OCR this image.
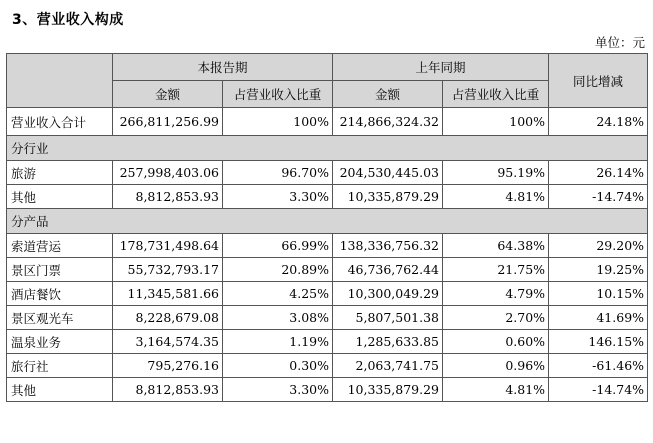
3、营业收入构成
单位：元
	本报告期		上年同期		同比增减
	金额	占营业收入比重	金额	占营业收入比重	
营业收入合计	266,811,256.99	100%	214,866,324.32	100%	24.18%
分行业					
旅游	257,998,403.06	96.70%	204,530,445.03	95.19%	26.14%
其他	8,812,853.93	3.30%	10,335,879.29	4.81%	-14.74%
分产品					
索道营运	178,731,498.64	66.99%	138,336,756.32	64.38%	29.20%
景区门票	55,732,793.17	20.89%	46,736,762.44	21.75%	19.25%
酒店餐饮	11,345,581.66	4.25%	10,300,049.29	4.79%	10.15%
景区观光车	8,228,679.08	3.08%	5,807,501.38	2.70%	41.69%
温泉业务	3,164,574.35	1.19%	1,285,633.85	0.60%	146.15%
旅行社	795,276.16	0.30%	2,063,741.75	0.96%	-61.46%
其他	8,812,853.93	3.30%	10,335,879.29	4.81%	-14.74%
